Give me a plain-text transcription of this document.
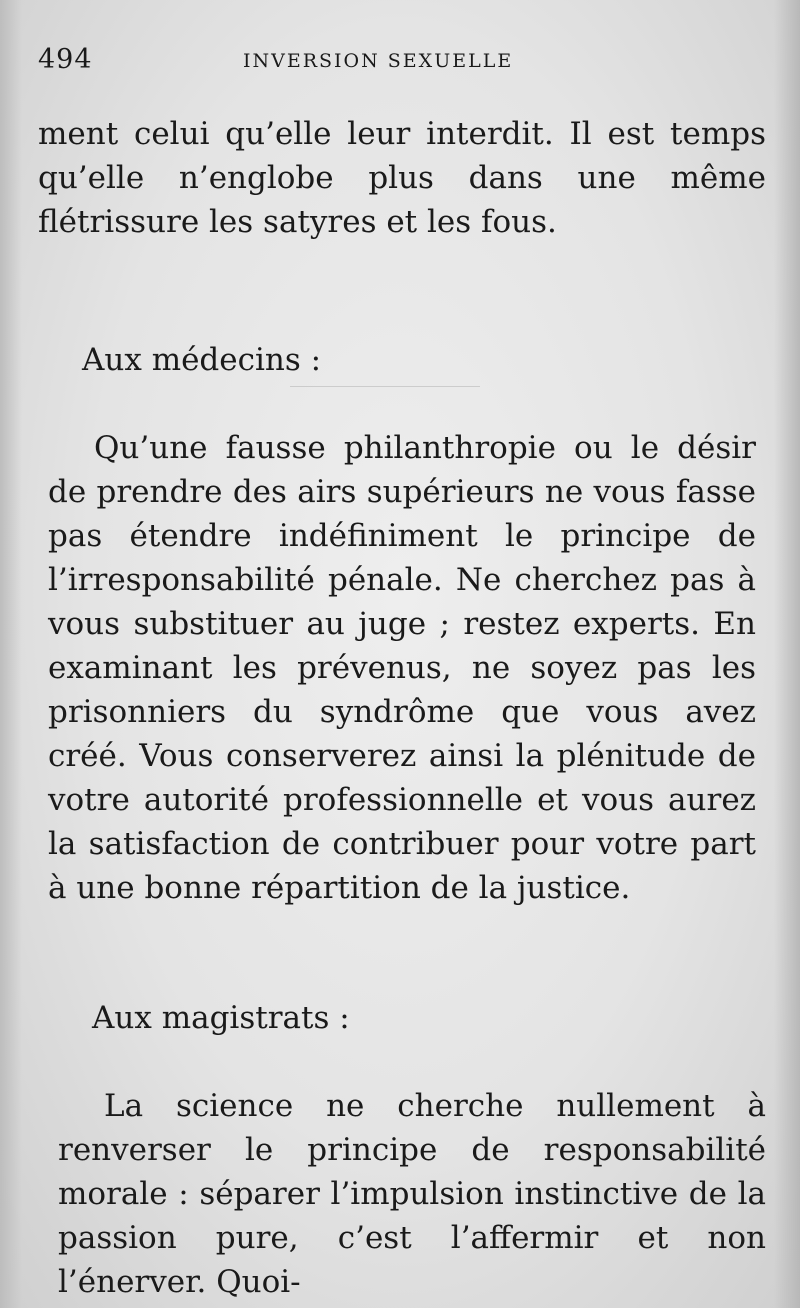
494	INVERSION SEXUELLE

ment celui qu’elle leur interdit. Il est temps qu’elle n’englobe plus dans une même flétrissure les satyres et les fous.

Aux médecins :

Qu’une fausse philanthropie ou le désir de prendre des airs supérieurs ne vous fasse pas étendre indéfiniment le principe de l’irresponsabilité pénale. Ne cherchez pas à vous substituer au juge ; restez experts. En examinant les prévenus, ne soyez pas les prisonniers du syndrôme que vous avez créé. Vous conserverez ainsi la plénitude de votre autorité professionnelle et vous aurez la satisfaction de contribuer pour votre part à une bonne répartition de la justice.

Aux magistrats :

La science ne cherche nullement à renverser le principe de responsabilité morale : séparer l’impulsion instinctive de la passion pure, c’est l’affermir et non l’énerver. Quoi-
